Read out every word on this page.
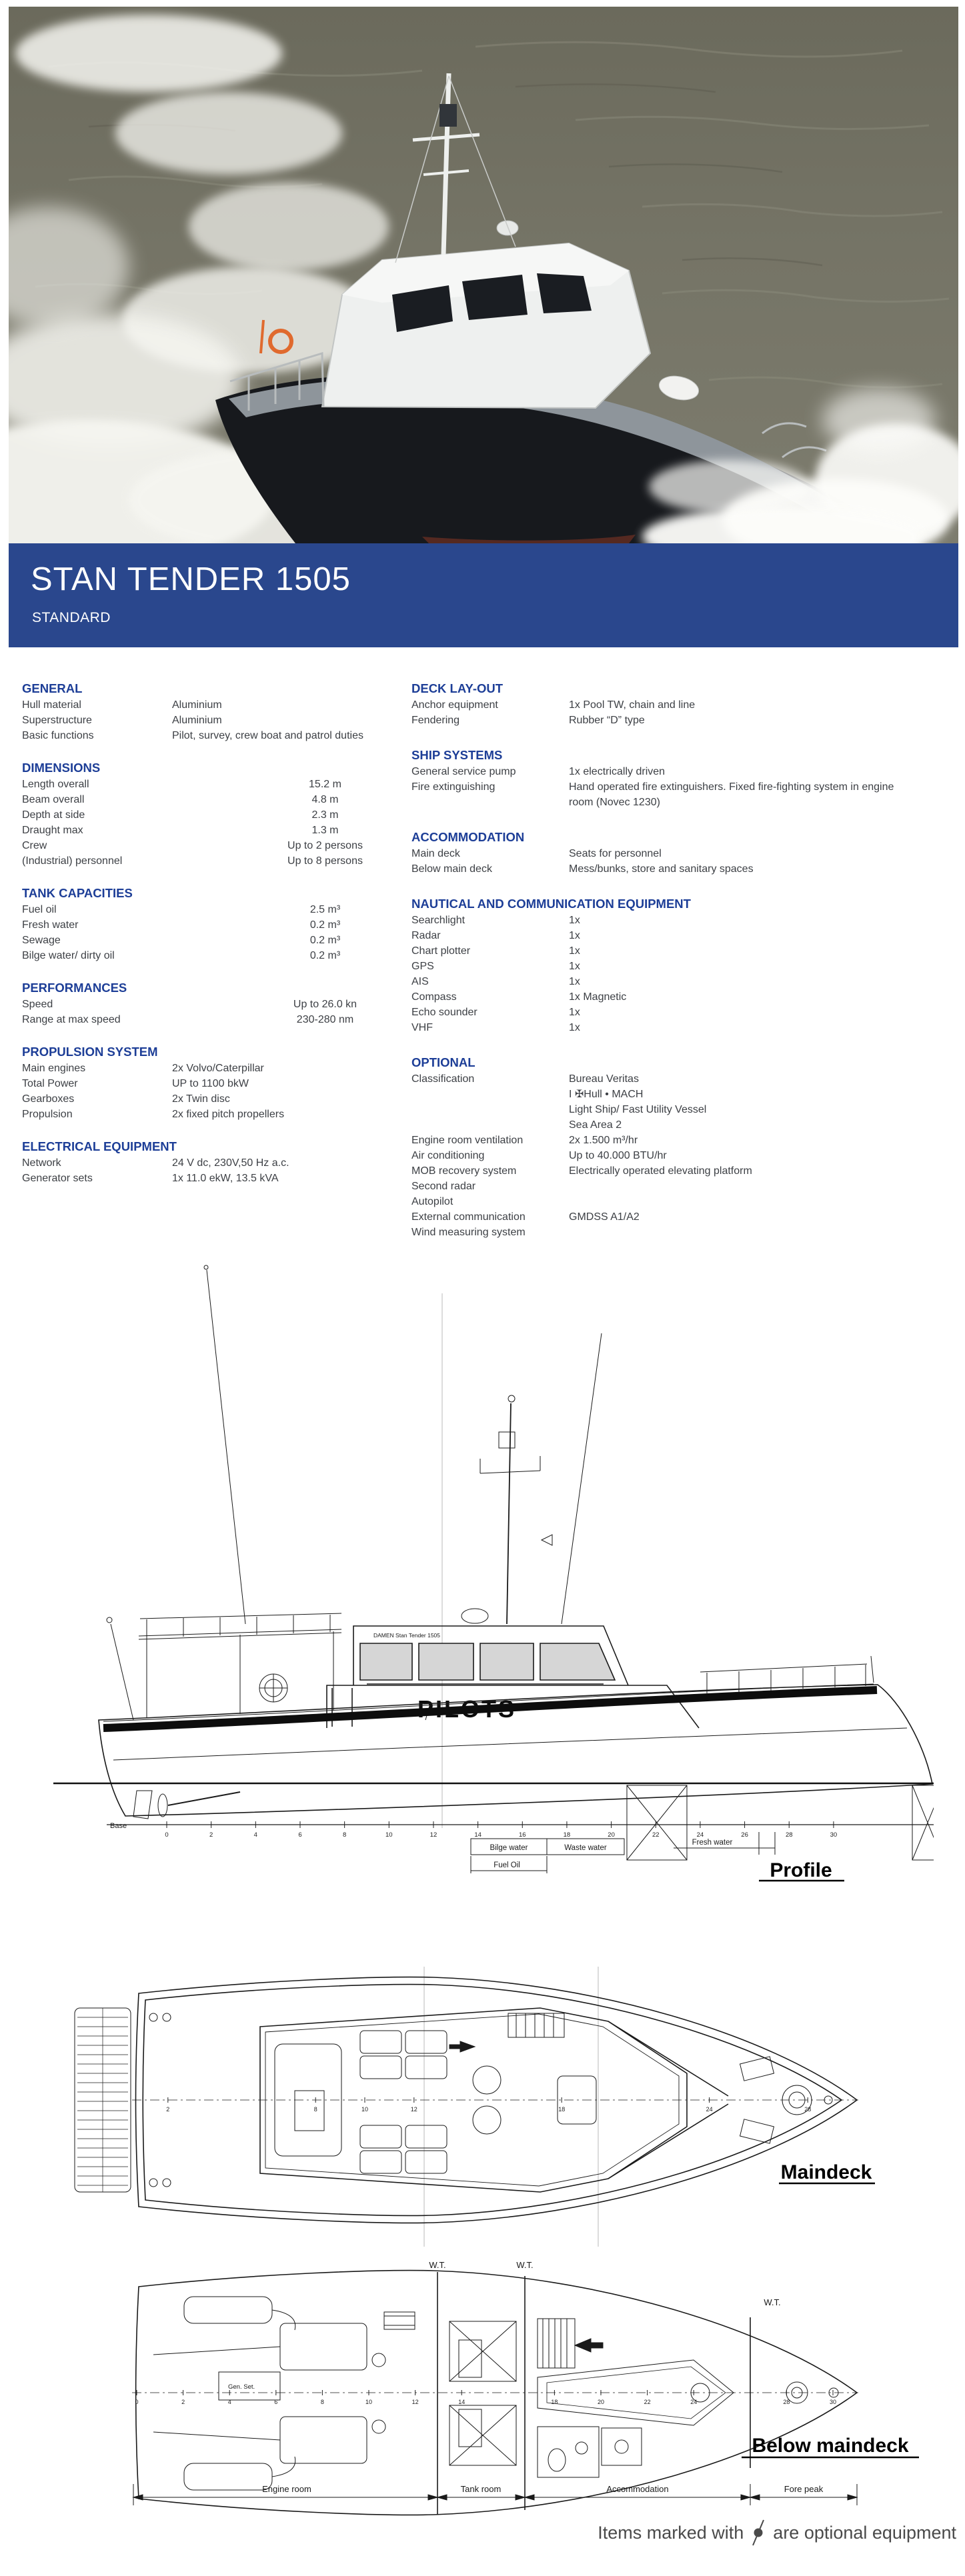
STAN TENDER 1505
STANDARD
GENERAL
Hull material	Aluminium
Superstructure	Aluminium
Basic functions	Pilot, survey, crew boat and patrol duties
DIMENSIONS
Length overall	15.2 m
Beam overall	4.8 m
Depth at side	2.3 m
Draught max	1.3 m
Crew	Up to 2 persons
(Industrial) personnel	Up to 8 persons
TANK CAPACITIES
Fuel oil	2.5 m³
Fresh water	0.2 m³
Sewage	0.2 m³
Bilge water/ dirty oil	0.2 m³
PERFORMANCES
Speed	Up to 26.0 kn
Range at max speed	230-280 nm
PROPULSION SYSTEM
Main engines	2x Volvo/Caterpillar
Total Power	UP to 1100 bkW
Gearboxes	2x Twin disc
Propulsion	2x fixed pitch propellers
ELECTRICAL EQUIPMENT
Network	24 V dc, 230V,50 Hz a.c.
Generator sets	1x 11.0 ekW, 13.5 kVA
DECK LAY-OUT
Anchor equipment	1x Pool TW, chain and line
Fendering	Rubber “D” type
SHIP SYSTEMS
General service pump	1x electrically driven
Fire extinguishing	Hand operated fire extinguishers. Fixed fire-fighting system in engine room (Novec 1230)
ACCOMMODATION
Main deck	Seats for personnel
Below main deck	Mess/bunks, store and sanitary spaces
NAUTICAL AND COMMUNICATION EQUIPMENT
Searchlight	1x
Radar	1x
Chart plotter	1x
GPS	1x
AIS	1x
Compass	1x Magnetic
Echo sounder	1x
VHF	1x
OPTIONAL
Classification	Bureau Veritas
I ✠Hull • MACH
Light Ship/ Fast Utility Vessel
Sea Area 2
Engine room ventilation	2x 1.500 m³/hr
Air conditioning	Up to 40.000 BTU/hr
MOB recovery system	Electrically operated elevating platform
Second radar
Autopilot
External communication	GMDSS A1/A2
Wind measuring system
DAMEN Stan Tender 1505
PILOTS
Base
0	2	4	6	8	10	12	14	16	18	20	22	24	26	28	30
Bilge water	Waste water
Fuel Oil
Fresh water
Profile
2	8	10	12	18	24	28
Maindeck
W.T.	W.T.
W.T.
Gen. Set.
0	2	4	6	8	10	12	14	18	20	22	24	28	30
Below maindeck
Engine room	Tank room	Accommodation	Fore peak
Items marked with are optional equipment
